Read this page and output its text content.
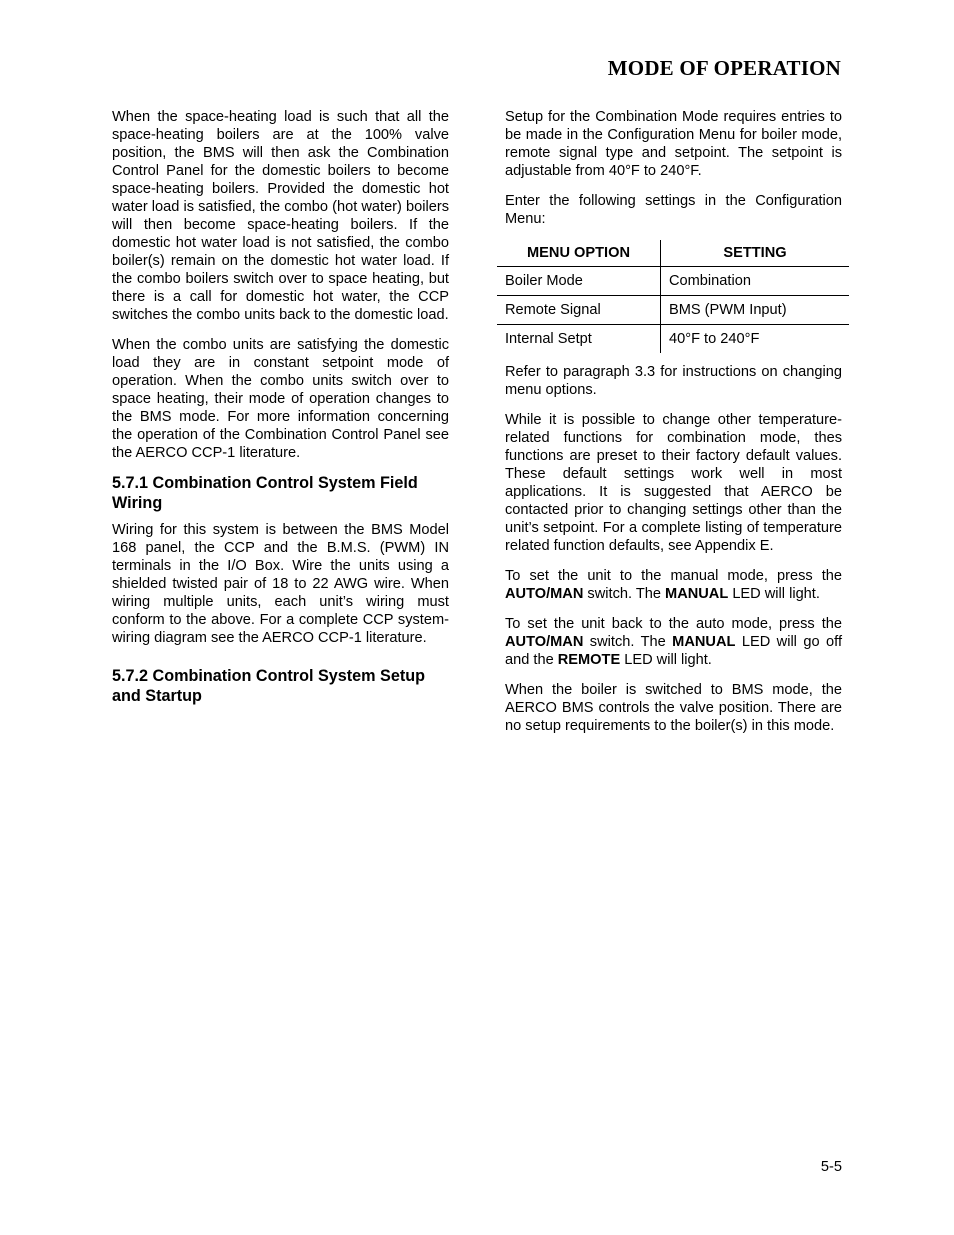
MODE OF OPERATION

When the space-heating load is such that all the space-heating boilers are at the 100% valve position, the BMS will then ask the Combination Control Panel for the domestic boilers to become space-heating boilers. Provided the domestic hot water load is satisfied, the combo (hot water) boilers will then become space-heating boilers. If the domestic hot water load is not satisfied, the combo boiler(s) remain on the domestic hot water load. If the combo boilers switch over to space heating, but there is a call for domestic hot water, the CCP switches the combo units back to the domestic load.

When the combo units are satisfying the domestic load they are in constant setpoint mode of operation. When the combo units switch over to space heating, their mode of operation changes to the BMS mode. For more information concerning the operation of the Combination Control Panel see the AERCO CCP-1 literature.

5.7.1 Combination Control System Field Wiring

Wiring for this system is between the BMS Model 168 panel, the CCP and the B.M.S. (PWM) IN terminals in the I/O Box. Wire the units using a shielded twisted pair of 18 to 22 AWG wire. When wiring multiple units, each unit’s wiring must conform to the above. For a complete CCP system-wiring diagram see the AERCO CCP-1 literature.

5.7.2 Combination Control System Setup and Startup

Setup for the Combination Mode requires entries to be made in the Configuration Menu for boiler mode, remote signal type and setpoint. The setpoint is adjustable from 40°F to 240°F.

Enter the following settings in the Configuration Menu:

MENU OPTION	SETTING
Boiler Mode	Combination
Remote Signal	BMS (PWM Input)
Internal Setpt	40°F to 240°F

Refer to paragraph 3.3 for instructions on changing menu options.

While it is possible to change other temperature-related functions for combination mode, thes functions are preset to their factory default values. These default settings work well in most applications. It is suggested that AERCO be contacted prior to changing settings other than the unit’s setpoint. For a complete listing of temperature related function defaults, see Appendix E.

To set the unit to the manual mode, press the AUTO/MAN switch. The MANUAL LED will light.

To set the unit back to the auto mode, press the AUTO/MAN switch. The MANUAL LED will go off and the REMOTE LED will light.

When the boiler is switched to BMS mode, the AERCO BMS controls the valve position. There are no setup requirements to the boiler(s) in this mode.

5-5
